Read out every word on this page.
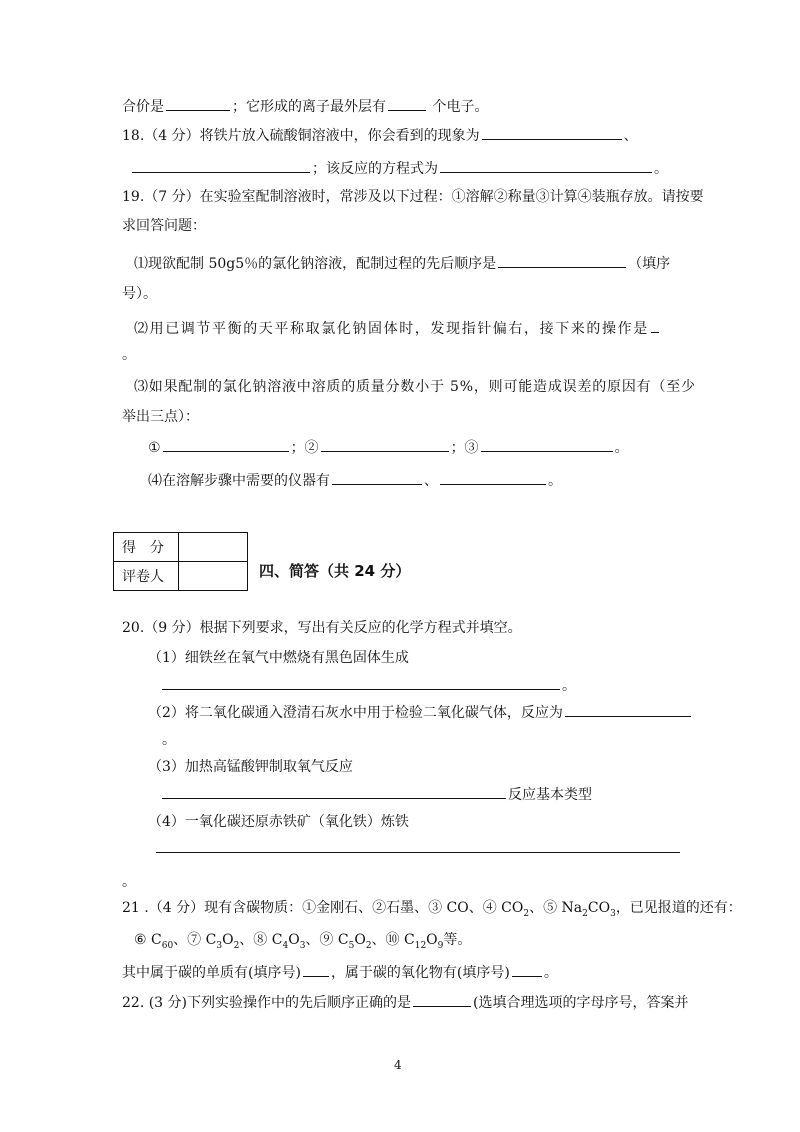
合价是	；它形成的离子最外层有	个电子。
18.（4 分）将铁片放入硫酸铜溶液中，你会看到的现象为	、
；该反应的方程式为	。
19.（7 分）在实验室配制溶液时，常涉及以下过程：①溶解②称量③计算④装瓶存放。请按要
求回答问题：
⑴现欲配制 50g5％的氯化钠溶液，配制过程的先后顺序是	（填序
号）。
⑵用已调节平衡的天平称取氯化钠固体时，发现指针偏右，接下来的操作是
。
⑶如果配制的氯化钠溶液中溶质的质量分数小于 5%，则可能造成误差的原因有（至少
举出三点）：
①	；②	；③	。
⑷在溶解步骤中需要的仪器有	、	。
得　分	
评卷人		四、简答（共 24 分）
20.（9 分）根据下列要求，写出有关反应的化学方程式并填空。
（1）细铁丝在氧气中燃烧有黑色固体生成
。
（2）将二氧化碳通入澄清石灰水中用于检验二氧化碳气体，反应为
。
（3）加热高锰酸钾制取氧气反应
反应基本类型
（4）一氧化碳还原赤铁矿（氧化铁）炼铁
。
21 .（4 分）现有含碳物质：①金刚石、②石墨、③ CO、④ $CO_2$、⑤ $Na_2CO_3$，已见报道的还有：
⑥ $C_{60}$、⑦ $C_3O_2$、⑧ $C_4O_3$、⑨ $C_5O_2$、⑩ $C_{12}O_9$等。
其中属于碳的单质有(填序号) ，属于碳的氧化物有(填序号) 。
22. (3 分)下列实验操作中的先后顺序正确的是	(选填合理选项的字母序号，答案并
4
